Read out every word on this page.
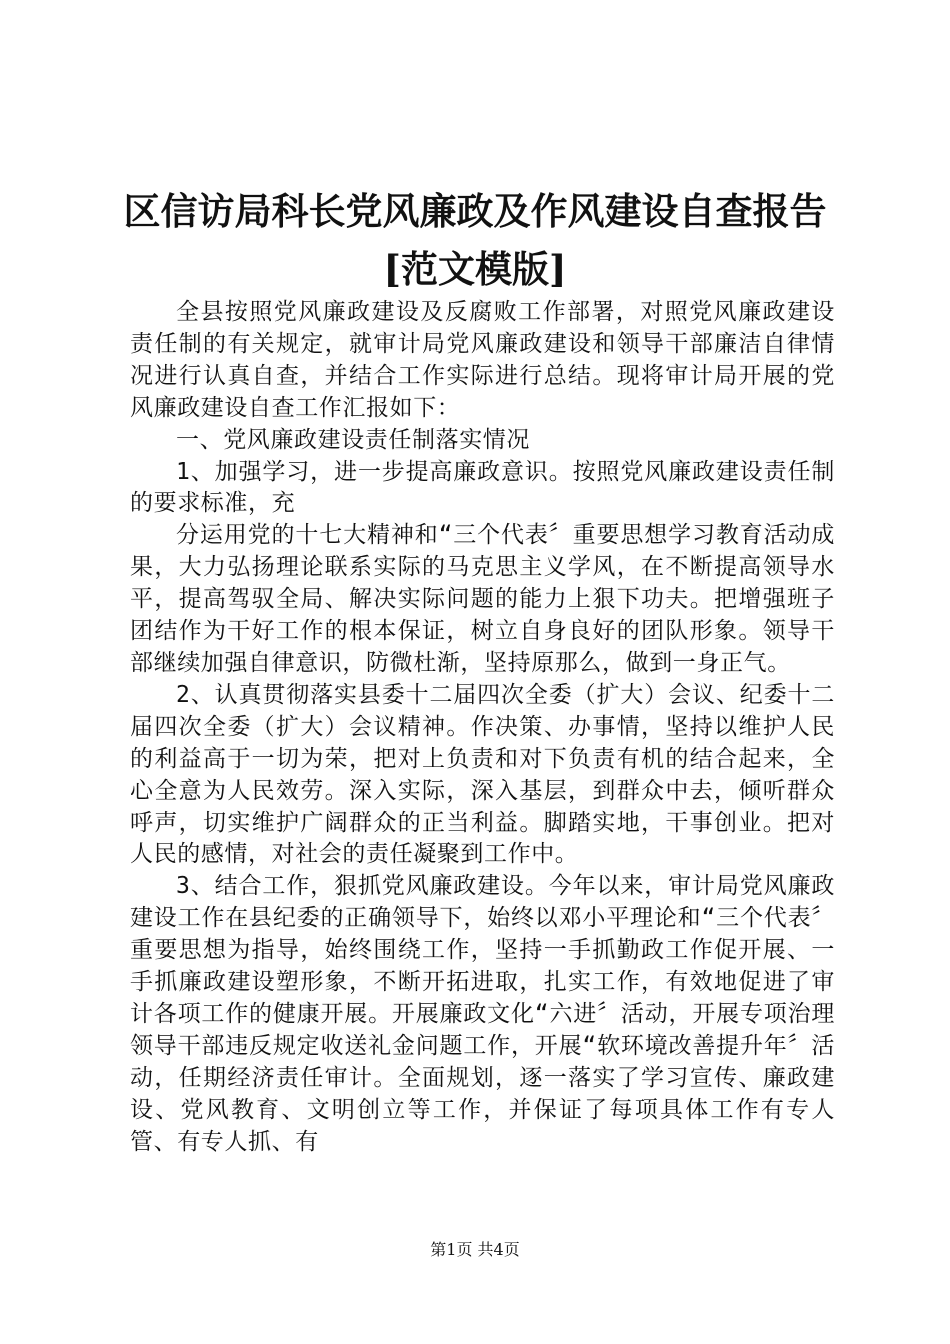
区信访局科长党风廉政及作风建设自查报告
[范文模版]

全县按照党风廉政建设及反腐败工作部署，对照党风廉政建设责任制的有关规定，就审计局党风廉政建设和领导干部廉洁自律情况进行认真自查，并结合工作实际进行总结。现将审计局开展的党风廉政建设自查工作汇报如下：

一、党风廉政建设责任制落实情况

1、加强学习，进一步提高廉政意识。按照党风廉政建设责任制的要求标准，充

分运用党的十七大精神和“三个代表〞重要思想学习教育活动成果，大力弘扬理论联系实际的马克思主义学风，在不断提高领导水平，提高驾驭全局、解决实际问题的能力上狠下功夫。把增强班子团结作为干好工作的根本保证，树立自身良好的团队形象。领导干部继续加强自律意识，防微杜渐，坚持原那么，做到一身正气。

2、认真贯彻落实县委十二届四次全委（扩大）会议、纪委十二届四次全委（扩大）会议精神。作决策、办事情，坚持以维护人民的利益高于一切为荣，把对上负责和对下负责有机的结合起来，全心全意为人民效劳。深入实际，深入基层，到群众中去，倾听群众呼声，切实维护广阔群众的正当利益。脚踏实地，干事创业。把对人民的感情，对社会的责任凝聚到工作中。

3、结合工作，狠抓党风廉政建设。今年以来，审计局党风廉政建设工作在县纪委的正确领导下，始终以邓小平理论和“三个代表〞重要思想为指导，始终围绕工作，坚持一手抓勤政工作促开展、一手抓廉政建设塑形象，不断开拓进取，扎实工作，有效地促进了审计各项工作的健康开展。开展廉政文化“六进〞活动，开展专项治理领导干部违反规定收送礼金问题工作，开展“软环境改善提升年〞活动，任期经济责任审计。全面规划，逐一落实了学习宣传、廉政建设、党风教育、文明创立等工作，并保证了每项具体工作有专人管、有专人抓、有

第1页 共4页
